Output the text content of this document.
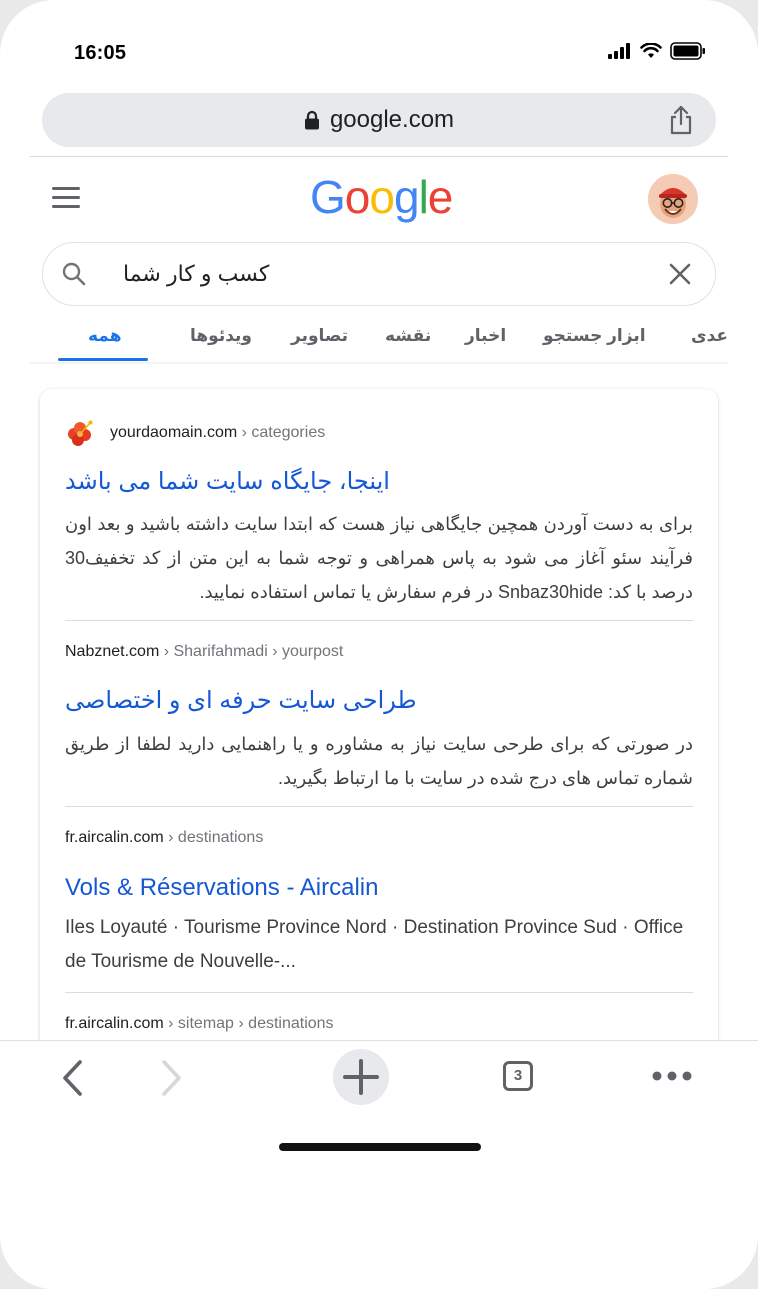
16:05
google.com
Google
کسب و کار شما
همه	ویدئوها تصاویر نقشه اخبار ابزار جستجو	عدی
yourdaomain.com › categories
اینجا، جایگاه سایت شما می باشد
برای به دست آوردن همچین جایگاهی نیاز هست که ابتدا سایت داشته باشید و بعد اون فرآیند سئو آغاز می شود به پاس همراهی و توجه شما به این متن از کد تخفیف30 درصد با کد: Snbaz30hide در فرم سفارش یا تماس استفاده نمایید.
Nabznet.com › Sharifahmadi › yourpost
طراحی سایت حرفه ای و اختصاصی
در صورتی که برای طرحی سایت نیاز به مشاوره و یا راهنمایی دارید لطفا از طریق شماره تماس های درج شده در سایت با ما ارتباط بگیرید.
fr.aircalin.com › destinations
Vols & Réservations - Aircalin
Iles Loyauté · Tourisme Province Nord · Destination Province Sud · Office de Tourisme de Nouvelle-...
fr.aircalin.com › sitemap › destinations
3
